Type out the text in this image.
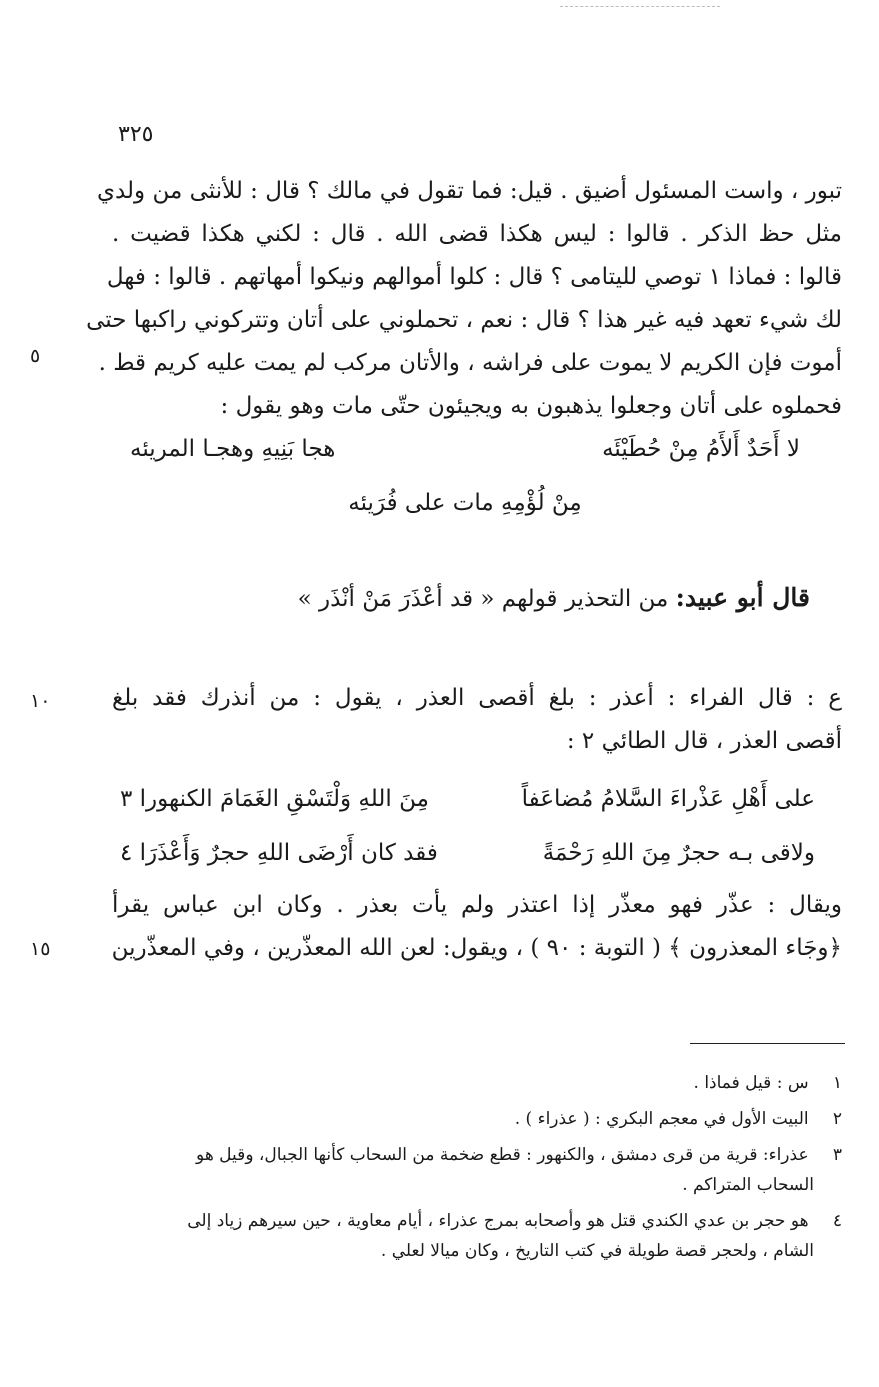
٣٢٥
تبور ، واست المسئول أضيق . قيل: فما تقول في مالك ؟ قال : للأنثى من ولدي
مثل حظ الذكر . قالوا : ليس هكذا قضى الله . قال : لكني هكذا قضيت .
قالوا : فماذا ١ توصي لليتامى ؟ قال : كلوا أموالهم ونيكوا أمهاتهم . قالوا : فهل
لك شيء تعهد فيه غير هذا ؟ قال : نعم ، تحملوني على أتان وتتركوني راكبها حتى
أموت فإن الكريم لا يموت على فراشه ، والأتان مركب لم يمت عليه كريم قط .
فحملوه على أتان وجعلوا يذهبون به ويجيئون حتّى مات وهو يقول :
٥
لا أَحَدٌ أَلأَمُ مِنْ حُطَيْئَه
هجا بَنِيهِ وهجـا المريئه
مِنْ لُؤْمِهِ مات على فُرَيئه
قال أبو عبيد: من التحذير قولهم « قد أعْذَرَ مَنْ أنْذَر »
ع : قال الفراء : أعذر : بلغ أقصى العذر ، يقول : من أنذرك فقد بلغ
أقصى العذر ، قال الطائي ٢ :
١٠
على أَهْلِ عَذْراءَ السَّلامُ مُضاعَفاً
مِنَ اللهِ وَلْتَسْقِ الغَمَامَ الكنهورا ٣
ولاقى بـه حجرٌ مِنَ اللهِ رَحْمَةً
فقد كان أَرْضَى اللهِ حجرٌ وَأَعْذَرَا ٤
ويقال : عذّر فهو معذّر إذا اعتذر ولم يأت بعذر . وكان ابن عباس يقرأ
﴿وجَاء المعذرون ﴾ ( التوبة : ٩٠ ) ، ويقول: لعن الله المعذّرين ، وفي المعذّرين
١٥
١ س : قيل فماذا .
٢ البيت الأول في معجم البكري : ( عذراء ) .
٣ عذراء: قرية من قرى دمشق ، والكنهور : قطع ضخمة من السحاب كأنها الجبال، وقيل هو
السحاب المتراكم .
٤ هو حجر بن عدي الكندي قتل هو وأصحابه بمرج عذراء ، أيام معاوية ، حين سيرهم زياد إلى
الشام ، ولحجر قصة طويلة في كتب التاريخ ، وكان ميالا لعلي .
